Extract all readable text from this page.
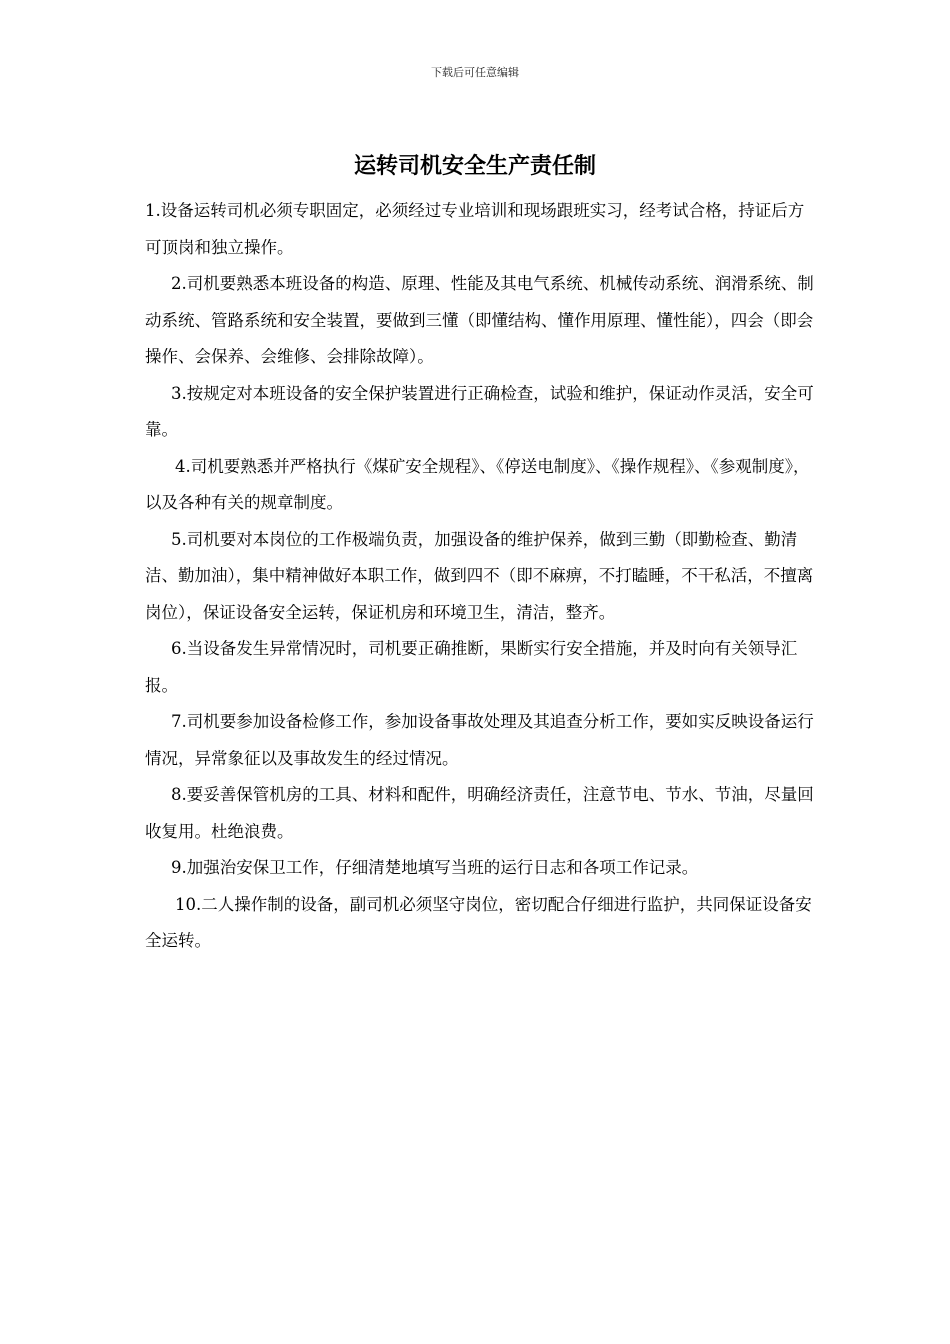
下载后可任意编辑
运转司机安全生产责任制

1.设备运转司机必须专职固定，必须经过专业培训和现场跟班实习，经考试合格，持证后方可顶岗和独立操作。

2.司机要熟悉本班设备的构造、原理、性能及其电气系统、机械传动系统、润滑系统、制动系统、管路系统和安全装置，要做到三懂（即懂结构、懂作用原理、懂性能），四会（即会操作、会保养、会维修、会排除故障）。

3.按规定对本班设备的安全保护装置进行正确检查，试验和维护，保证动作灵活，安全可靠。

4.司机要熟悉并严格执行《煤矿安全规程》、《停送电制度》、《操作规程》、《参观制度》，以及各种有关的规章制度。

5.司机要对本岗位的工作极端负责，加强设备的维护保养，做到三勤（即勤检查、勤清洁、勤加油），集中精神做好本职工作，做到四不（即不麻痹，不打瞌睡，不干私活，不擅离岗位），保证设备安全运转，保证机房和环境卫生，清洁，整齐。

6.当设备发生异常情况时，司机要正确推断，果断实行安全措施，并及时向有关领导汇报。

7.司机要参加设备检修工作，参加设备事故处理及其追查分析工作，要如实反映设备运行情况，异常象征以及事故发生的经过情况。

8.要妥善保管机房的工具、材料和配件，明确经济责任，注意节电、节水、节油，尽量回收复用。杜绝浪费。

9.加强治安保卫工作，仔细清楚地填写当班的运行日志和各项工作记录。

10.二人操作制的设备，副司机必须坚守岗位，密切配合仔细进行监护，共同保证设备安全运转。
